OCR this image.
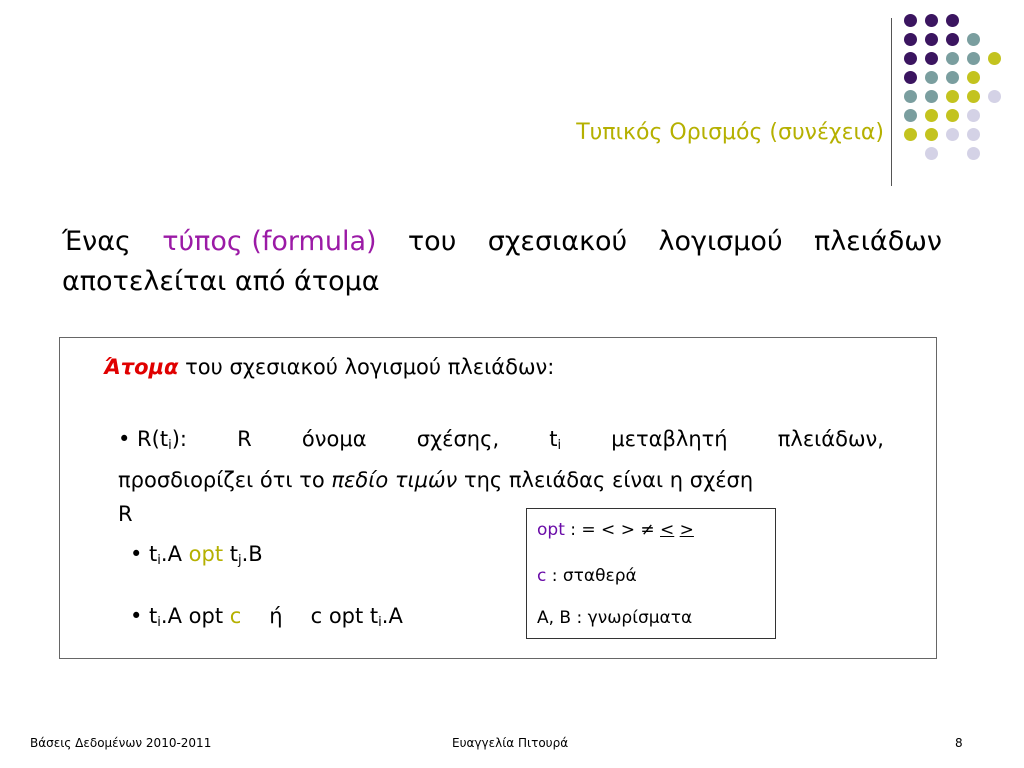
Τυπικός Ορισμός (συνέχεια)
Ένας τύπος (formula) του σχεσιακού λογισμού πλειάδων
αποτελείται από άτομα
Άτομα του σχεσιακού λογισμού πλειάδων:
• $R(t_i)$: R όνομα σχέσης, $t_i$ μεταβλητή πλειάδων,
προσδιορίζει ότι το πεδίο τιμών της πλειάδας είναι η σχέση
R
• $t_i.A$ opt $t_j.B$
• $t_i.A$ opt c ή c opt $t_i.A$
opt : = < > ≠ < >
c : σταθερά
A, B : γνωρίσματα
Βάσεις Δεδομένων 2010-2011	Ευαγγελία Πιτουρά	8
